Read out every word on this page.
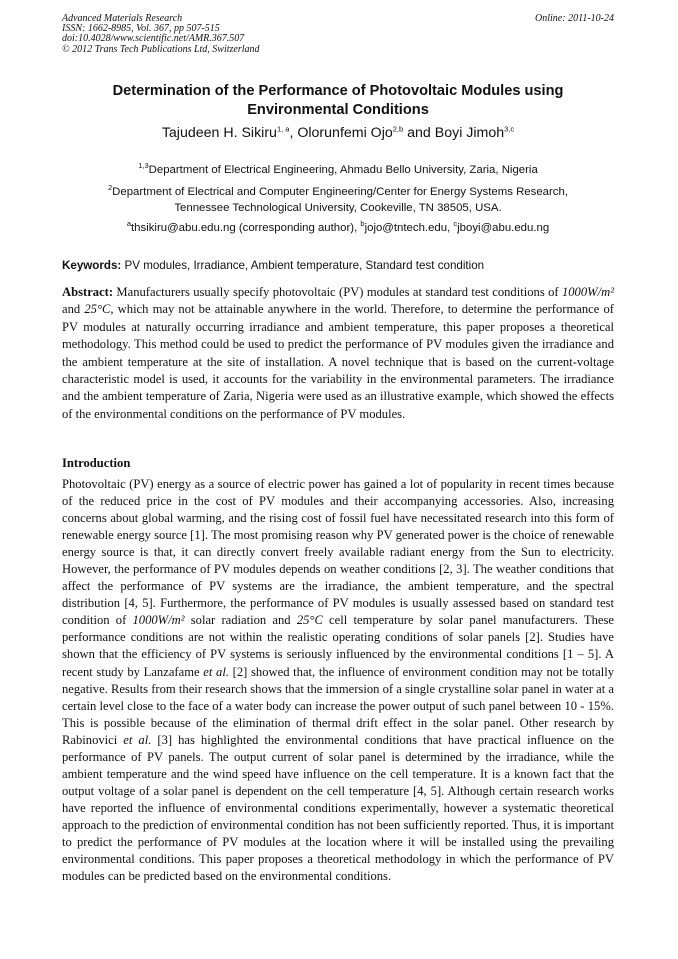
Advanced Materials Research
ISSN: 1662-8985, Vol. 367, pp 507-515
doi:10.4028/www.scientific.net/AMR.367.507
© 2012 Trans Tech Publications Ltd, Switzerland
Online: 2011-10-24
Determination of the Performance of Photovoltaic Modules using
Environmental Conditions
Tajudeen H. Sikiru$^{1, a}$, Olorunfemi Ojo$^{2,b}$ and Boyi Jimoh$^{3,c}$
$^{1,3}$Department of Electrical Engineering, Ahmadu Bello University, Zaria, Nigeria
$^2$Department of Electrical and Computer Engineering/Center for Energy Systems Research,
Tennessee Technological University, Cookeville, TN 38505, USA.
$^a$thsikiru@abu.edu.ng (corresponding author), $^b$jojo@tntech.edu, $^c$jboyi@abu.edu.ng
Keywords: PV modules, Irradiance, Ambient temperature, Standard test condition
Abstract: Manufacturers usually specify photovoltaic (PV) modules at standard test conditions of 1000W/m² and 25°C, which may not be attainable anywhere in the world. Therefore, to determine the performance of PV modules at naturally occurring irradiance and ambient temperature, this paper proposes a theoretical methodology. This method could be used to predict the performance of PV modules given the irradiance and the ambient temperature at the site of installation. A novel technique that is based on the current-voltage characteristic model is used, it accounts for the variability in the environmental parameters. The irradiance and the ambient temperature of Zaria, Nigeria were used as an illustrative example, which showed the effects of the environmental conditions on the performance of PV modules.
Introduction
Photovoltaic (PV) energy as a source of electric power has gained a lot of popularity in recent times because of the reduced price in the cost of PV modules and their accompanying accessories. Also, increasing concerns about global warming, and the rising cost of fossil fuel have necessitated research into this form of renewable energy source [1]. The most promising reason why PV generated power is the choice of renewable energy source is that, it can directly convert freely available radiant energy from the Sun to electricity. However, the performance of PV modules depends on weather conditions [2, 3]. The weather conditions that affect the performance of PV systems are the irradiance, the ambient temperature, and the spectral distribution [4, 5]. Furthermore, the performance of PV modules is usually assessed based on standard test condition of 1000W/m² solar radiation and 25°C cell temperature by solar panel manufacturers. These performance conditions are not within the realistic operating conditions of solar panels [2]. Studies have shown that the efficiency of PV systems is seriously influenced by the environmental conditions [1 – 5]. A recent study by Lanzafame et al. [2] showed that, the influence of environment condition may not be totally negative. Results from their research shows that the immersion of a single crystalline solar panel in water at a certain level close to the face of a water body can increase the power output of such panel between 10 - 15%. This is possible because of the elimination of thermal drift effect in the solar panel. Other research by Rabinovici et al. [3] has highlighted the environmental conditions that have practical influence on the performance of PV panels. The output current of solar panel is determined by the irradiance, while the ambient temperature and the wind speed have influence on the cell temperature. It is a known fact that the output voltage of a solar panel is dependent on the cell temperature [4, 5]. Although certain research works have reported the influence of environmental conditions experimentally, however a systematic theoretical approach to the prediction of environmental condition has not been sufficiently reported. Thus, it is important to predict the performance of PV modules at the location where it will be installed using the prevailing environmental conditions. This paper proposes a theoretical methodology in which the performance of PV modules can be predicted based on the environmental conditions.
